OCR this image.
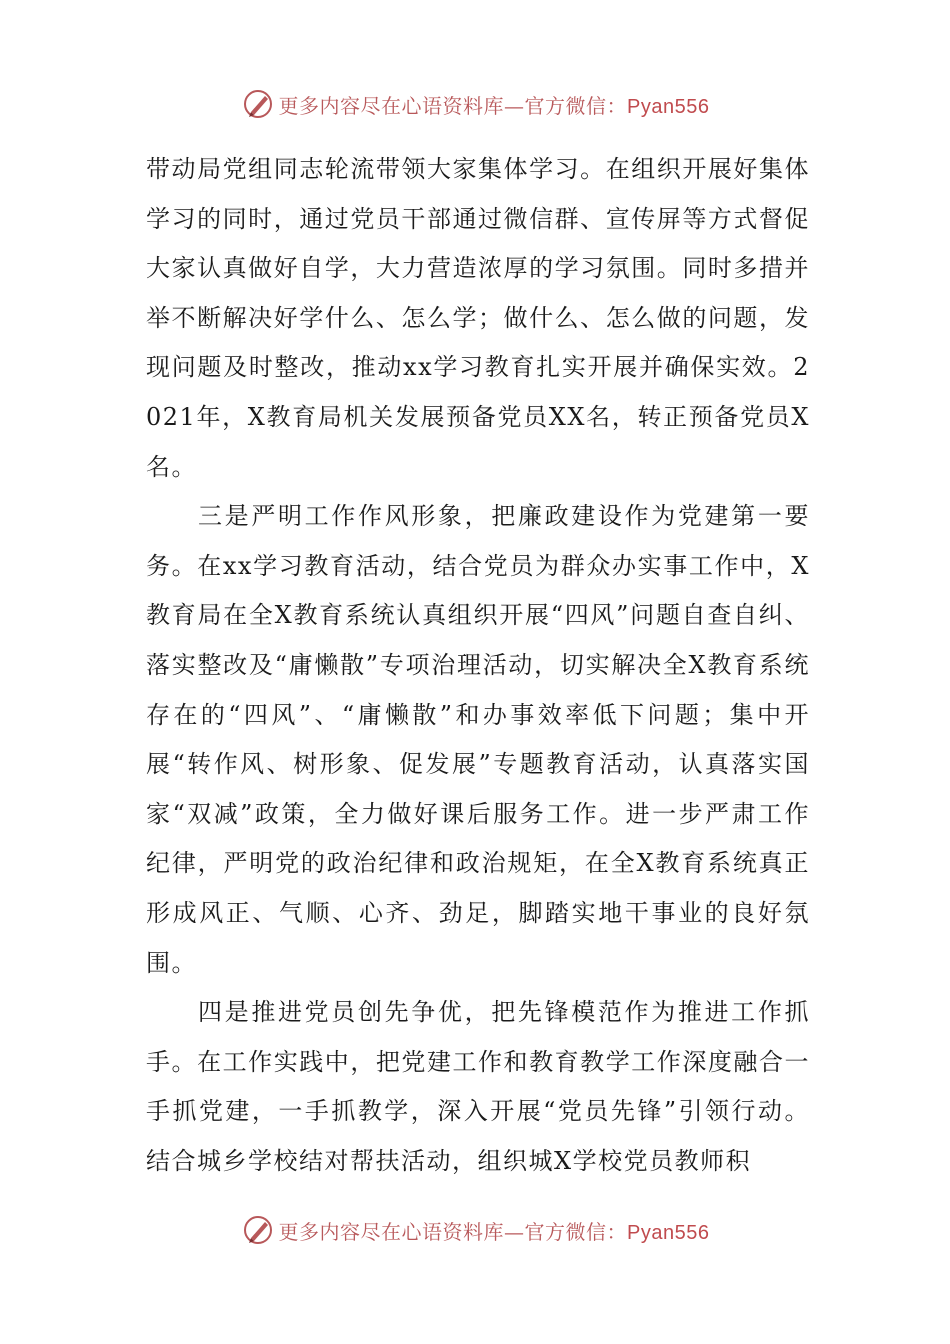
更多内容尽在心语资料库—官方微信：Pyan556

带动局党组同志轮流带领大家集体学习。在组织开展好集体学习的同时，通过党员干部通过微信群、宣传屏等方式督促大家认真做好自学，大力营造浓厚的学习氛围。同时多措并举不断解决好学什么、怎么学；做什么、怎么做的问题，发现问题及时整改，推动xx学习教育扎实开展并确保实效。2021年，X教育局机关发展预备党员XX名，转正预备党员X名。

三是严明工作作风形象，把廉政建设作为党建第一要务。在xx学习教育活动，结合党员为群众办实事工作中，X教育局在全X教育系统认真组织开展“四风”问题自查自纠、落实整改及“庸懒散”专项治理活动，切实解决全X教育系统存在的“四风”、“庸懒散”和办事效率低下问题；集中开展“转作风、树形象、促发展”专题教育活动，认真落实国家“双减”政策，全力做好课后服务工作。进一步严肃工作纪律，严明党的政治纪律和政治规矩，在全X教育系统真正形成风正、气顺、心齐、劲足，脚踏实地干事业的良好氛围。

四是推进党员创先争优，把先锋模范作为推进工作抓手。在工作实践中，把党建工作和教育教学工作深度融合一手抓党建，一手抓教学，深入开展“党员先锋”引领行动。结合城乡学校结对帮扶活动，组织城X学校党员教师积

更多内容尽在心语资料库—官方微信：Pyan556
